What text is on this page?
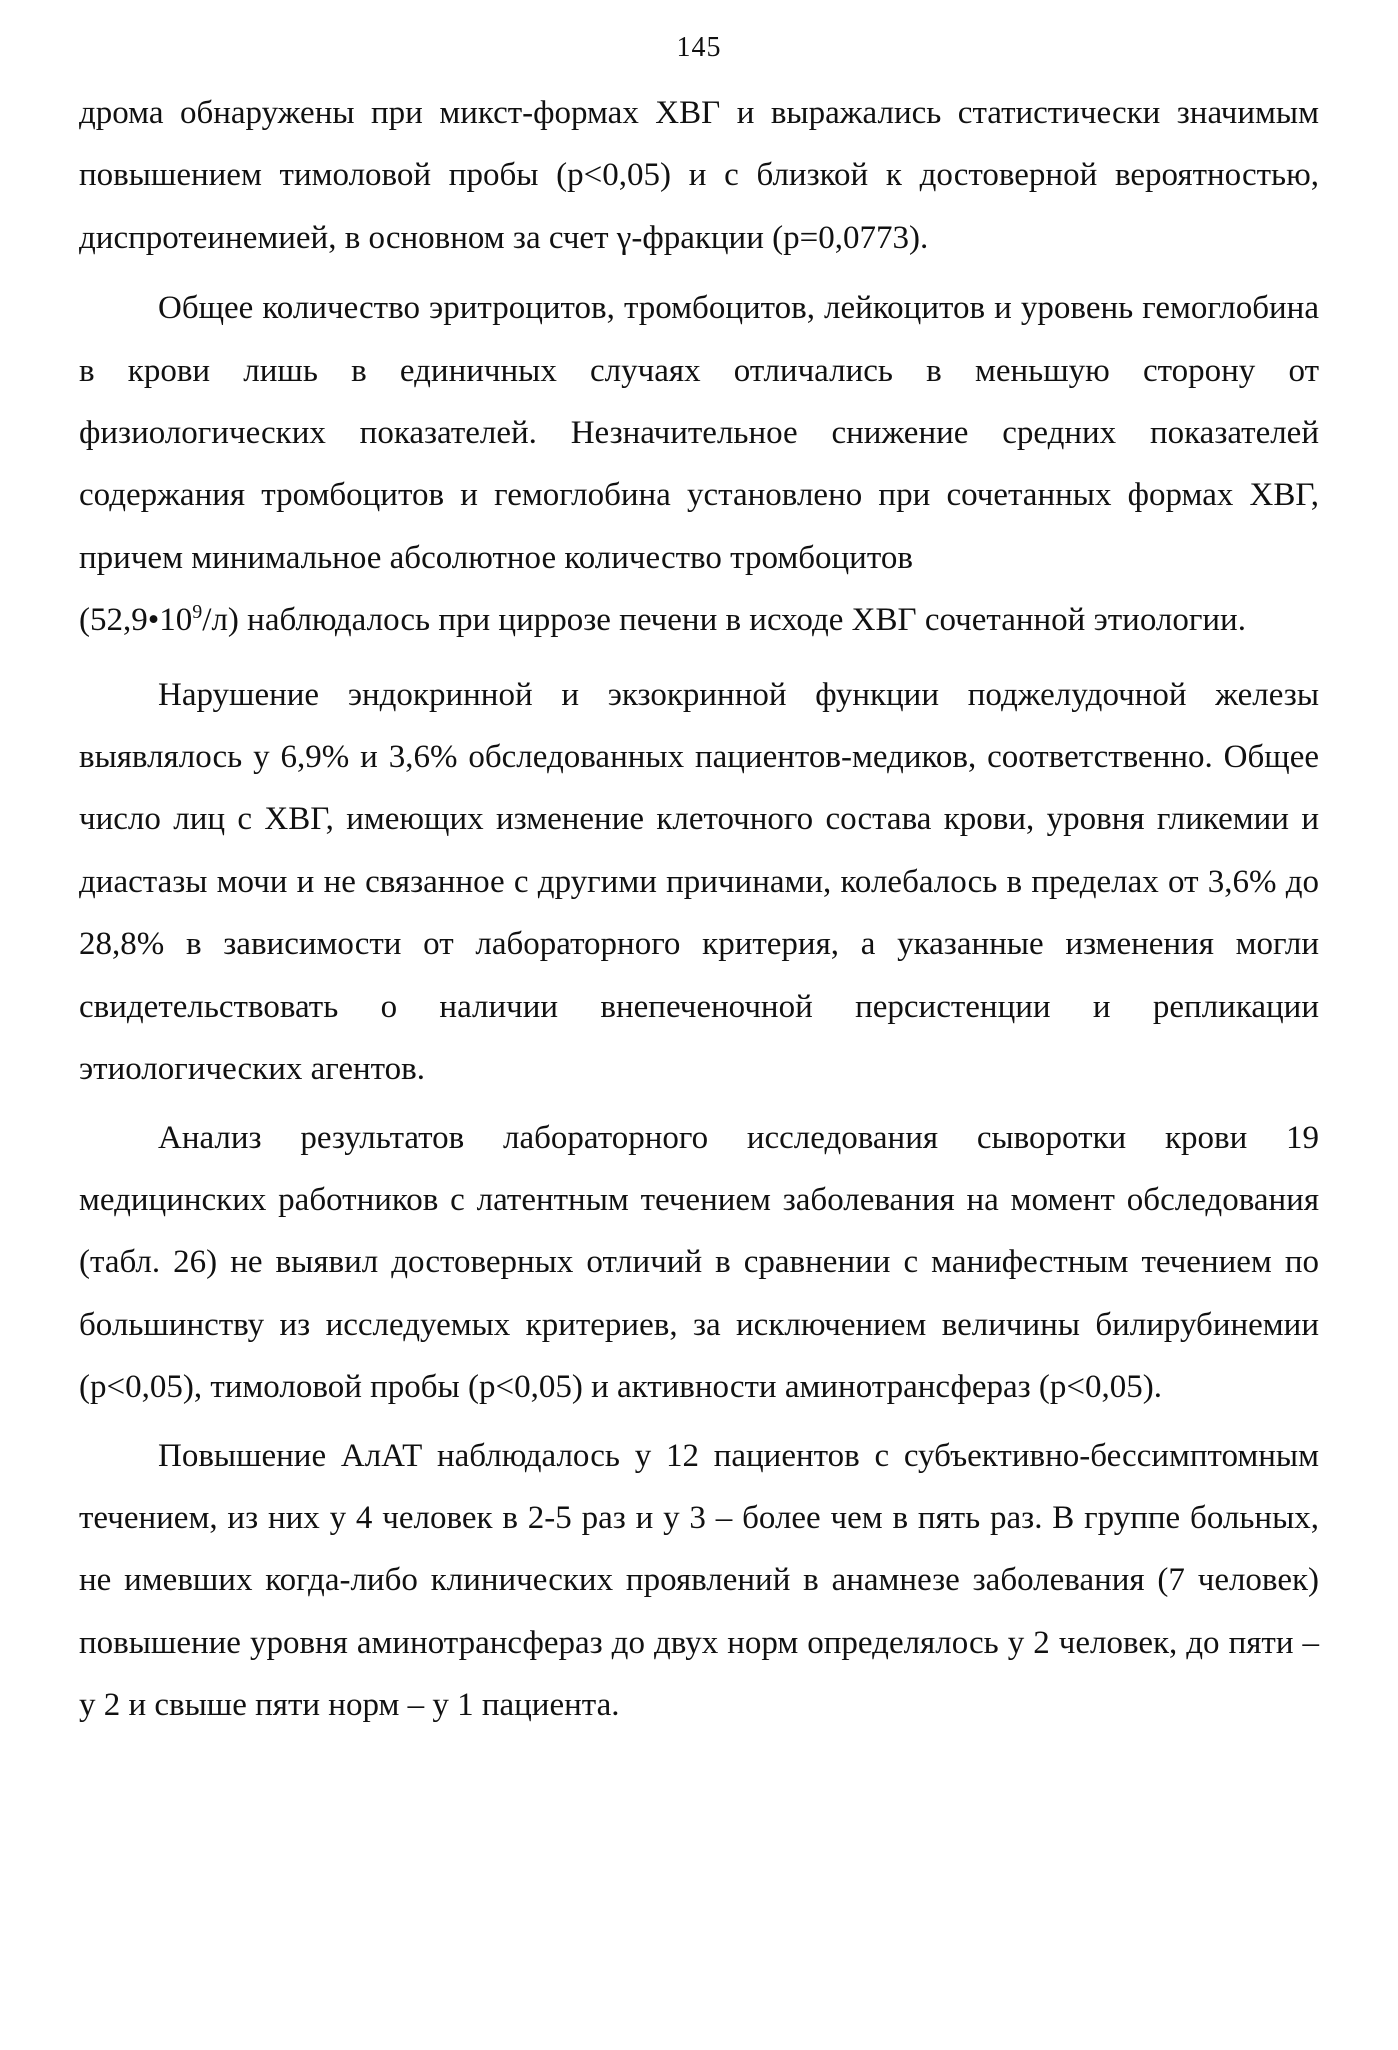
145

дрома обнаружены при микст-формах ХВГ и выражались статистически значимым повышением тимоловой пробы (p<0,05) и с близкой к достоверной вероятностью, диспротеинемией, в основном за счет γ-фракции (p=0,0773).

Общее количество эритроцитов, тромбоцитов, лейкоцитов и уровень гемоглобина в крови лишь в единичных случаях отличались в меньшую сторону от физиологических показателей. Незначительное снижение средних показателей содержания тромбоцитов и гемоглобина установлено при сочетанных формах ХВГ, причем минимальное абсолютное количество тромбоцитов

$(52,9•10^9/л)$ наблюдалось при циррозе печени в исходе ХВГ сочетанной этиологии.

Нарушение эндокринной и экзокринной функции поджелудочной железы выявлялось у 6,9% и 3,6% обследованных пациентов-медиков, соответственно. Общее число лиц с ХВГ, имеющих изменение клеточного состава крови, уровня гликемии и диастазы мочи и не связанное с другими причинами, колебалось в пределах от 3,6% до 28,8% в зависимости от лабораторного критерия, а указанные изменения могли свидетельствовать о наличии внепеченочной персистенции и репликации этиологических агентов.

Анализ результатов лабораторного исследования сыворотки крови 19 медицинских работников с латентным течением заболевания на момент обследования (табл. 26) не выявил достоверных отличий в сравнении с манифестным течением по большинству из исследуемых критериев, за исключением величины билирубинемии (p<0,05), тимоловой пробы (p<0,05) и активности аминотрансфераз (p<0,05).

Повышение АлАТ наблюдалось у 12 пациентов с субъективно-бессимптомным течением, из них у 4 человек в 2-5 раз и у 3 – более чем в пять раз. В группе больных, не имевших когда-либо клинических проявлений в анамнезе заболевания (7 человек) повышение уровня аминотрансфераз до двух норм определялось у 2 человек, до пяти – у 2 и свыше пяти норм – у 1 пациента.
